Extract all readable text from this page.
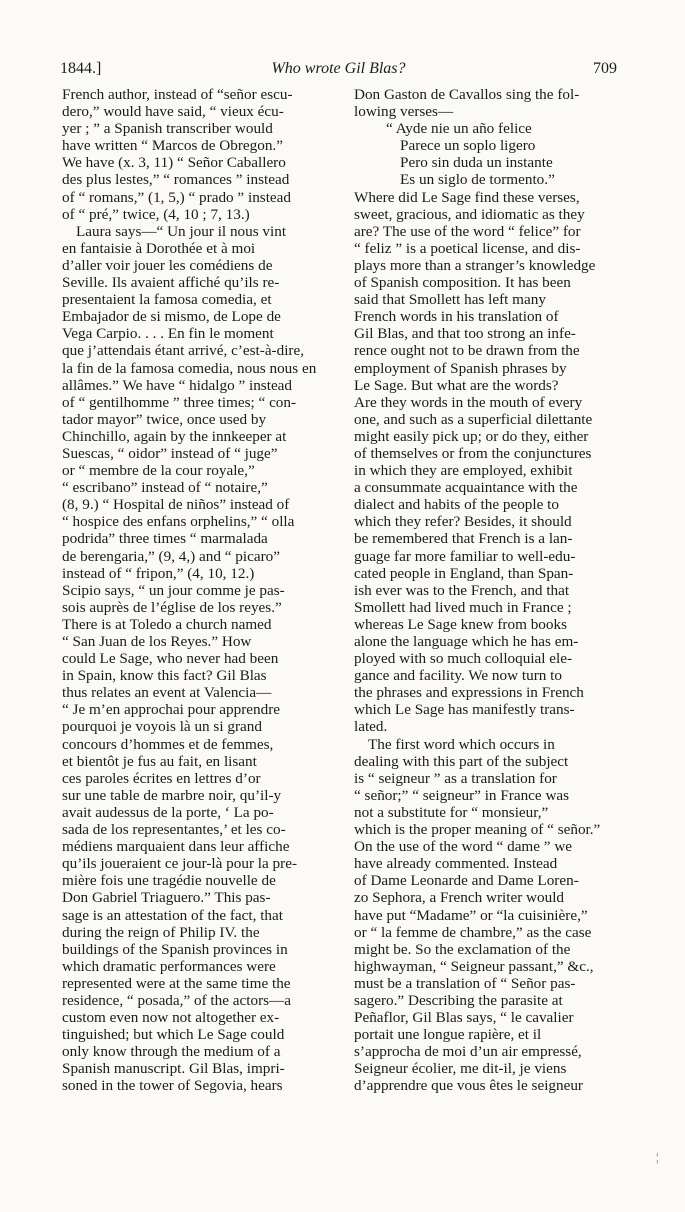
1844.]	Who wrote Gil Blas?	709
French author, instead of “señor escu-
dero,” would have said, “ vieux écu-
yer ; ” a Spanish transcriber would
have written “ Marcos de Obregon.”
We have (x. 3, 11) “ Señor Caballero
des plus lestes,” “ romances ” instead
of “ romans,” (1, 5,) “ prado ” instead
of “ pré,” twice, (4, 10 ; 7, 13.)
Laura says—“ Un jour il nous vint
en fantaisie à Dorothée et à moi
d’aller voir jouer les comédiens de
Seville. Ils avaient affiché qu’ils re-
presentaient la famosa comedia, et
Embajador de si mismo, de Lope de
Vega Carpio. . . . En fin le moment
que j’attendais étant arrivé, c’est-à-dire,
la fin de la famosa comedia, nous nous en
allâmes.” We have “ hidalgo ” instead
of “ gentilhomme ” three times; “ con-
tador mayor” twice, once used by
Chinchillo, again by the innkeeper at
Suescas, “ oidor” instead of “ juge”
or “ membre de la cour royale,”
“ escribano” instead of “ notaire,”
(8, 9.) “ Hospital de niños” instead of
“ hospice des enfans orphelins,” “ olla
podrida” three times “ marmalada
de berengaria,” (9, 4,) and “ picaro”
instead of “ fripon,” (4, 10, 12.)
Scipio says, “ un jour comme je pas-
sois auprès de l’église de los reyes.”
There is at Toledo a church named
“ San Juan de los Reyes.” How
could Le Sage, who never had been
in Spain, know this fact? Gil Blas
thus relates an event at Valencia—
“ Je m’en approchai pour apprendre
pourquoi je voyois là un si grand
concours d’hommes et de femmes,
et bientôt je fus au fait, en lisant
ces paroles écrites en lettres d’or
sur une table de marbre noir, qu’il-y
avait audessus de la porte, ‘ La po-
sada de los representantes,’ et les co-
médiens marquaient dans leur affiche
qu’ils joueraient ce jour-là pour la pre-
mière fois une tragédie nouvelle de
Don Gabriel Triaguero.” This pas-
sage is an attestation of the fact, that
during the reign of Philip IV. the
buildings of the Spanish provinces in
which dramatic performances were
represented were at the same time the
residence, “ posada,” of the actors—a
custom even now not altogether ex-
tinguished; but which Le Sage could
only know through the medium of a
Spanish manuscript. Gil Blas, impri-
soned in the tower of Segovia, hears
Don Gaston de Cavallos sing the fol-
lowing verses—
“ Ayde nie un año felice
Parece un soplo ligero
Pero sin duda un instante
Es un siglo de tormento.”
Where did Le Sage find these verses,
sweet, gracious, and idiomatic as they
are? The use of the word “ felice” for
“ feliz ” is a poetical license, and dis-
plays more than a stranger’s knowledge
of Spanish composition. It has been
said that Smollett has left many
French words in his translation of
Gil Blas, and that too strong an infe-
rence ought not to be drawn from the
employment of Spanish phrases by
Le Sage. But what are the words?
Are they words in the mouth of every
one, and such as a superficial dilettante
might easily pick up; or do they, either
of themselves or from the conjunctures
in which they are employed, exhibit
a consummate acquaintance with the
dialect and habits of the people to
which they refer? Besides, it should
be remembered that French is a lan-
guage far more familiar to well-edu-
cated people in England, than Span-
ish ever was to the French, and that
Smollett had lived much in France ;
whereas Le Sage knew from books
alone the language which he has em-
ployed with so much colloquial ele-
gance and facility. We now turn to
the phrases and expressions in French
which Le Sage has manifestly trans-
lated.
The first word which occurs in
dealing with this part of the subject
is “ seigneur ” as a translation for
“ señor;” “ seigneur” in France was
not a substitute for “ monsieur,”
which is the proper meaning of “ señor.”
On the use of the word “ dame ” we
have already commented. Instead
of Dame Leonarde and Dame Loren-
zo Sephora, a French writer would
have put “Madame” or “la cuisinière,”
or “ la femme de chambre,” as the case
might be. So the exclamation of the
highwayman, “ Seigneur passant,” &c.,
must be a translation of “ Señor pas-
sagero.” Describing the parasite at
Peñaflor, Gil Blas says, “ le cavalier
portait une longue rapière, et il
s’approcha de moi d’un air empressé,
Seigneur écolier, me dit-il, je viens
d’apprendre que vous êtes le seigneur
¦
